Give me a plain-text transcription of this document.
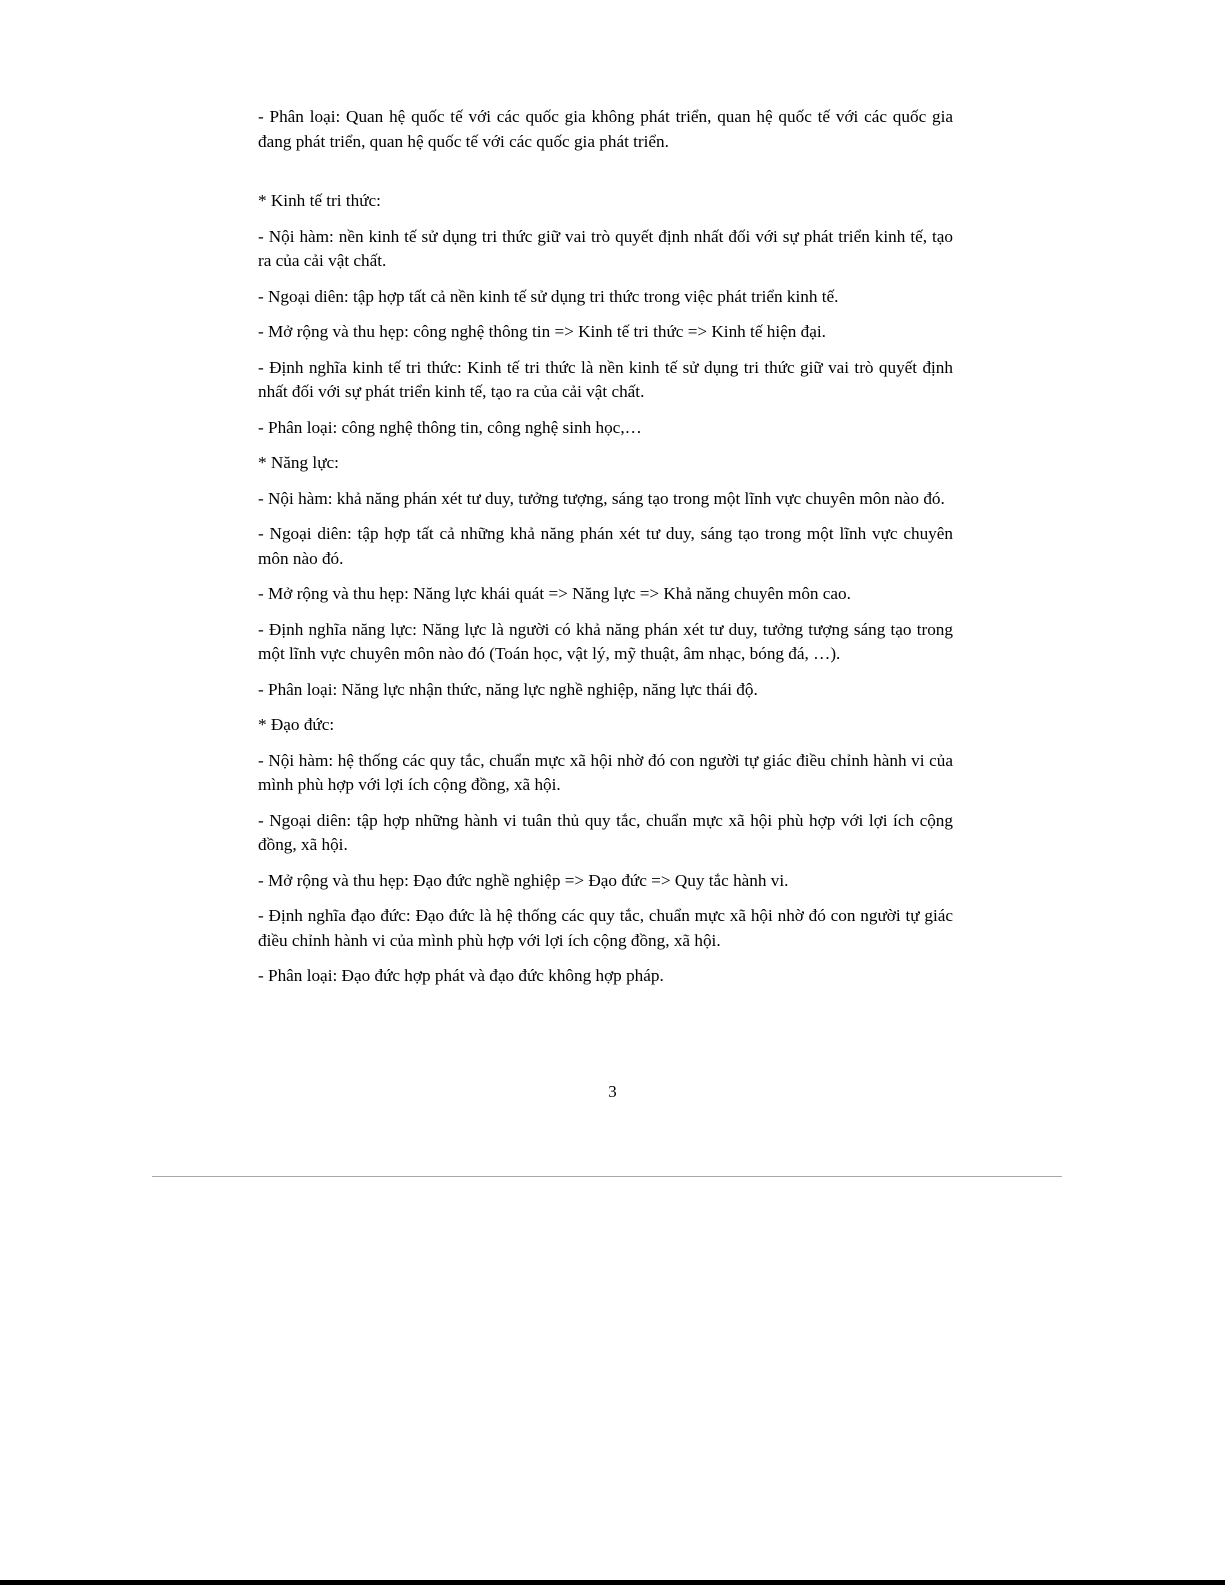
- Phân loại: Quan hệ quốc tế với các quốc gia không phát triển, quan hệ quốc tế với các quốc gia đang phát triển, quan hệ quốc tế với các quốc gia phát triển.

* Kinh tế tri thức:

- Nội hàm: nền kinh tế sử dụng tri thức giữ vai trò quyết định nhất đối với sự phát triển kinh tế, tạo ra của cải vật chất.

- Ngoại diên: tập hợp tất cả nền kinh tế sử dụng tri thức trong việc phát triển kinh tế.

- Mở rộng và thu hẹp: công nghệ thông tin => Kinh tế tri thức => Kinh tế hiện đại.

- Định nghĩa kinh tế tri thức: Kinh tế tri thức là nền kinh tế sử dụng tri thức giữ vai trò quyết định nhất đối với sự phát triển kinh tế, tạo ra của cải vật chất.

- Phân loại: công nghệ thông tin, công nghệ sinh học,…

* Năng lực:

- Nội hàm: khả năng phán xét tư duy, tưởng tượng, sáng tạo trong một lĩnh vực chuyên môn nào đó.

- Ngoại diên: tập hợp tất cả những khả năng phán xét tư duy, sáng tạo trong một lĩnh vực chuyên môn nào đó.

- Mở rộng và thu hẹp: Năng lực khái quát => Năng lực => Khả năng chuyên môn cao.

- Định nghĩa năng lực: Năng lực là người có khả năng phán xét tư duy, tưởng tượng sáng tạo trong một lĩnh vực chuyên môn nào đó (Toán học, vật lý, mỹ thuật, âm nhạc, bóng đá, …).

- Phân loại: Năng lực nhận thức, năng lực nghề nghiệp, năng lực thái độ.

* Đạo đức:

- Nội hàm: hệ thống các quy tắc, chuẩn mực xã hội nhờ đó con người tự giác điều chỉnh hành vi của mình phù hợp với lợi ích cộng đồng, xã hội.

- Ngoại diên: tập hợp những hành vi tuân thủ quy tắc, chuẩn mực xã hội phù hợp với lợi ích cộng đồng, xã hội.

- Mở rộng và thu hẹp: Đạo đức nghề nghiệp => Đạo đức => Quy tắc hành vi.

- Định nghĩa đạo đức: Đạo đức là hệ thống các quy tắc, chuẩn mực xã hội nhờ đó con người tự giác điều chỉnh hành vi của mình phù hợp với lợi ích cộng đồng, xã hội.

- Phân loại: Đạo đức hợp phát và đạo đức không hợp pháp.

3
